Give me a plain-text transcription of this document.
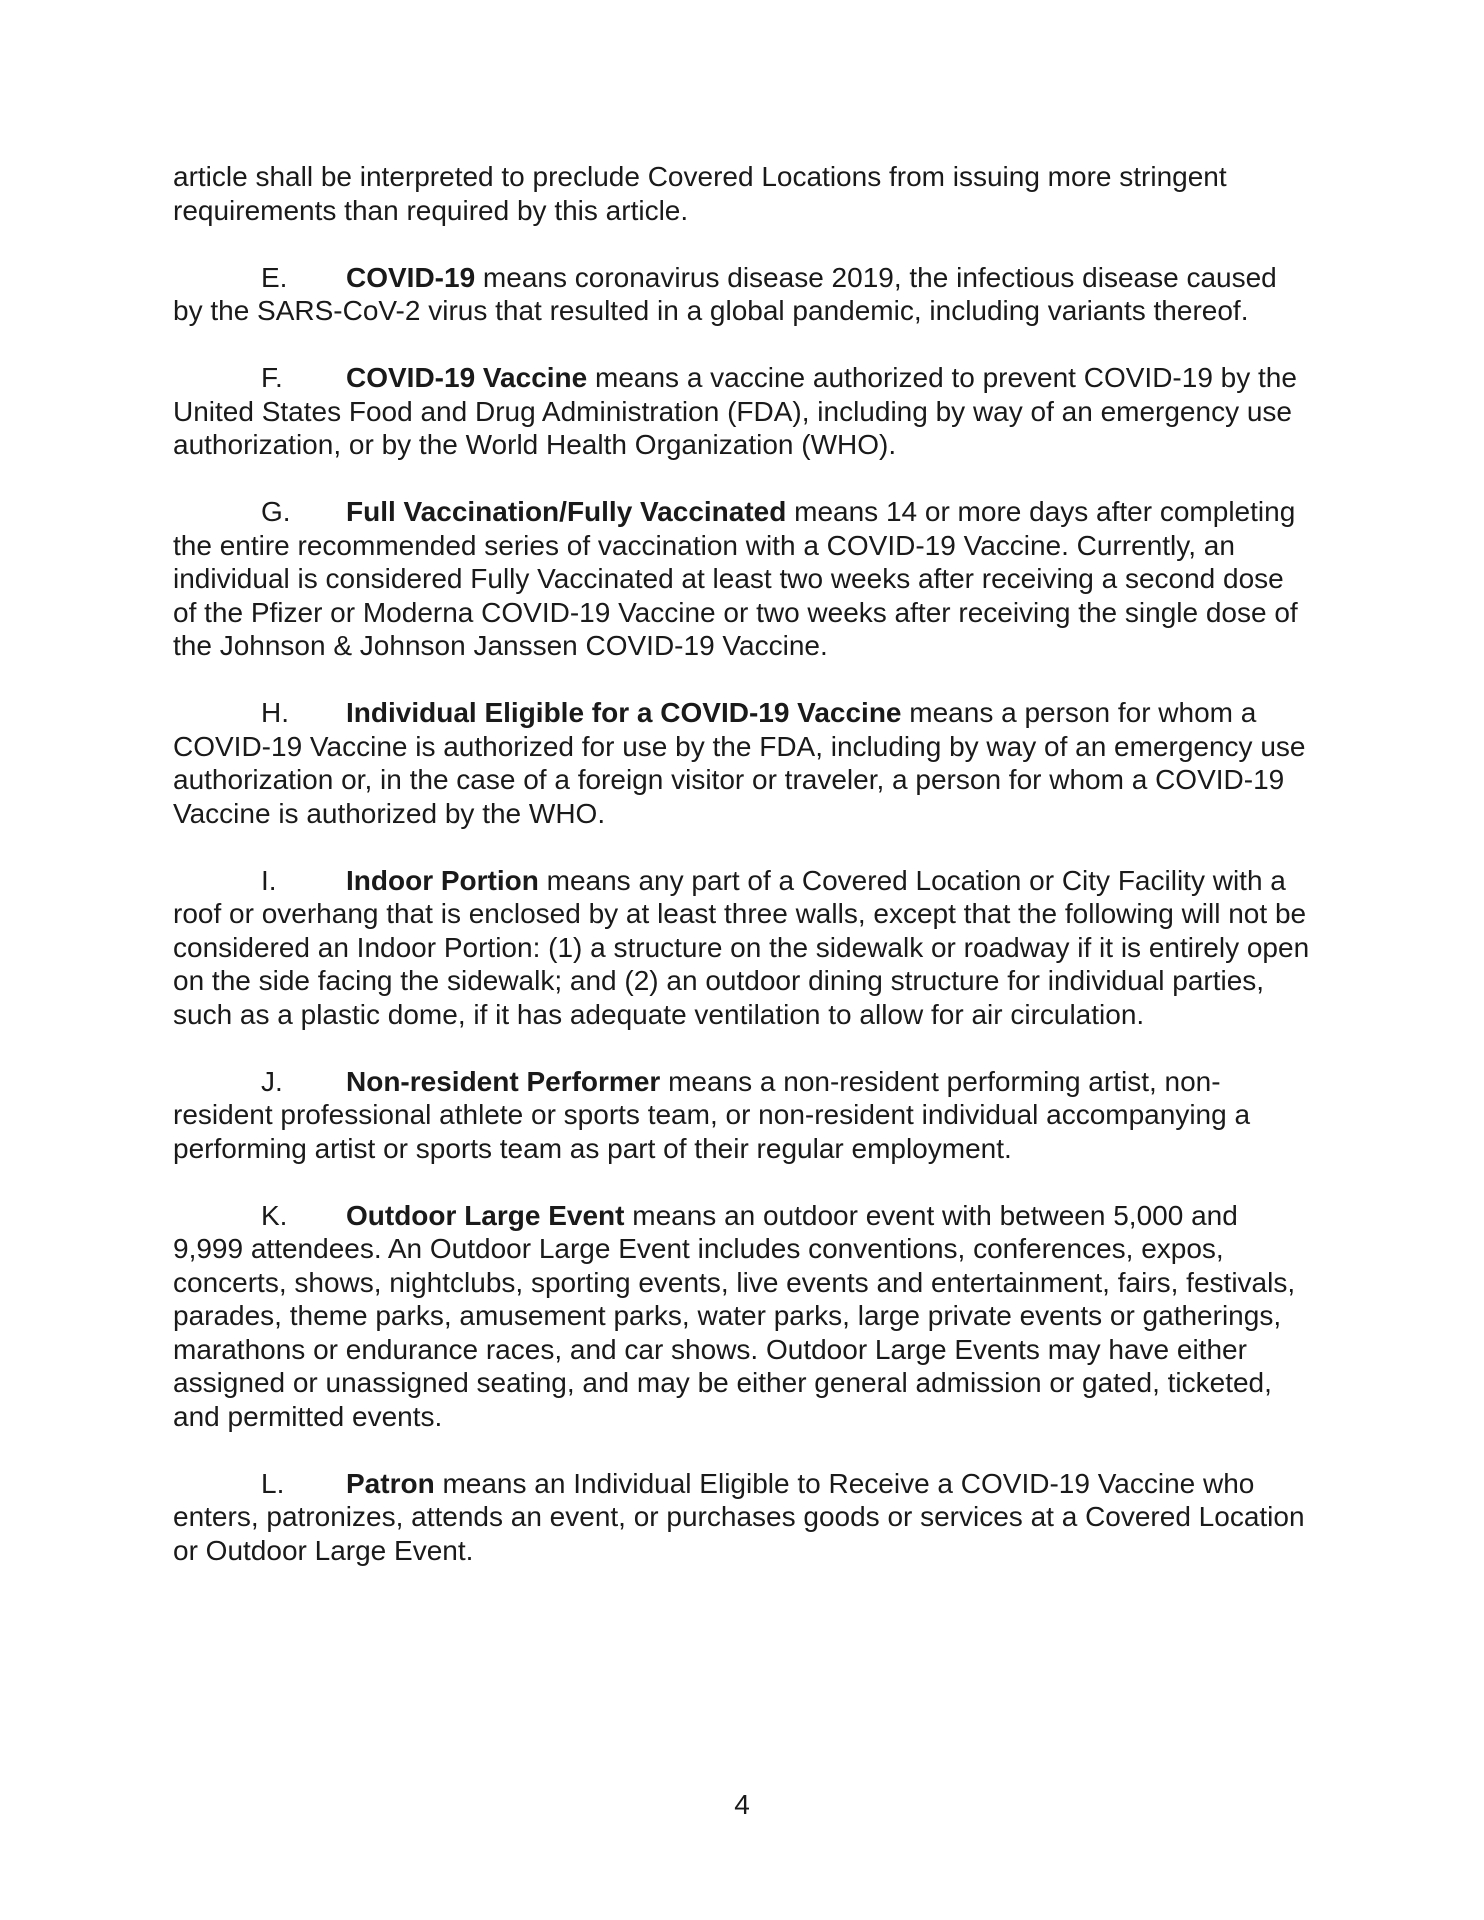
article shall be interpreted to preclude Covered Locations from issuing more stringent requirements than required by this article.

E. COVID-19 means coronavirus disease 2019, the infectious disease caused by the SARS-CoV-2 virus that resulted in a global pandemic, including variants thereof.

F. COVID-19 Vaccine means a vaccine authorized to prevent COVID-19 by the United States Food and Drug Administration (FDA), including by way of an emergency use authorization, or by the World Health Organization (WHO).

G. Full Vaccination/Fully Vaccinated means 14 or more days after completing the entire recommended series of vaccination with a COVID-19 Vaccine. Currently, an individual is considered Fully Vaccinated at least two weeks after receiving a second dose of the Pfizer or Moderna COVID-19 Vaccine or two weeks after receiving the single dose of the Johnson & Johnson Janssen COVID-19 Vaccine.

H. Individual Eligible for a COVID-19 Vaccine means a person for whom a COVID-19 Vaccine is authorized for use by the FDA, including by way of an emergency use authorization or, in the case of a foreign visitor or traveler, a person for whom a COVID-19 Vaccine is authorized by the WHO.

I. Indoor Portion means any part of a Covered Location or City Facility with a roof or overhang that is enclosed by at least three walls, except that the following will not be considered an Indoor Portion: (1) a structure on the sidewalk or roadway if it is entirely open on the side facing the sidewalk; and (2) an outdoor dining structure for individual parties, such as a plastic dome, if it has adequate ventilation to allow for air circulation.

J. Non-resident Performer means a non-resident performing artist, non-resident professional athlete or sports team, or non-resident individual accompanying a performing artist or sports team as part of their regular employment.

K. Outdoor Large Event means an outdoor event with between 5,000 and 9,999 attendees. An Outdoor Large Event includes conventions, conferences, expos, concerts, shows, nightclubs, sporting events, live events and entertainment, fairs, festivals, parades, theme parks, amusement parks, water parks, large private events or gatherings, marathons or endurance races, and car shows. Outdoor Large Events may have either assigned or unassigned seating, and may be either general admission or gated, ticketed, and permitted events.

L. Patron means an Individual Eligible to Receive a COVID-19 Vaccine who enters, patronizes, attends an event, or purchases goods or services at a Covered Location or Outdoor Large Event.

4
